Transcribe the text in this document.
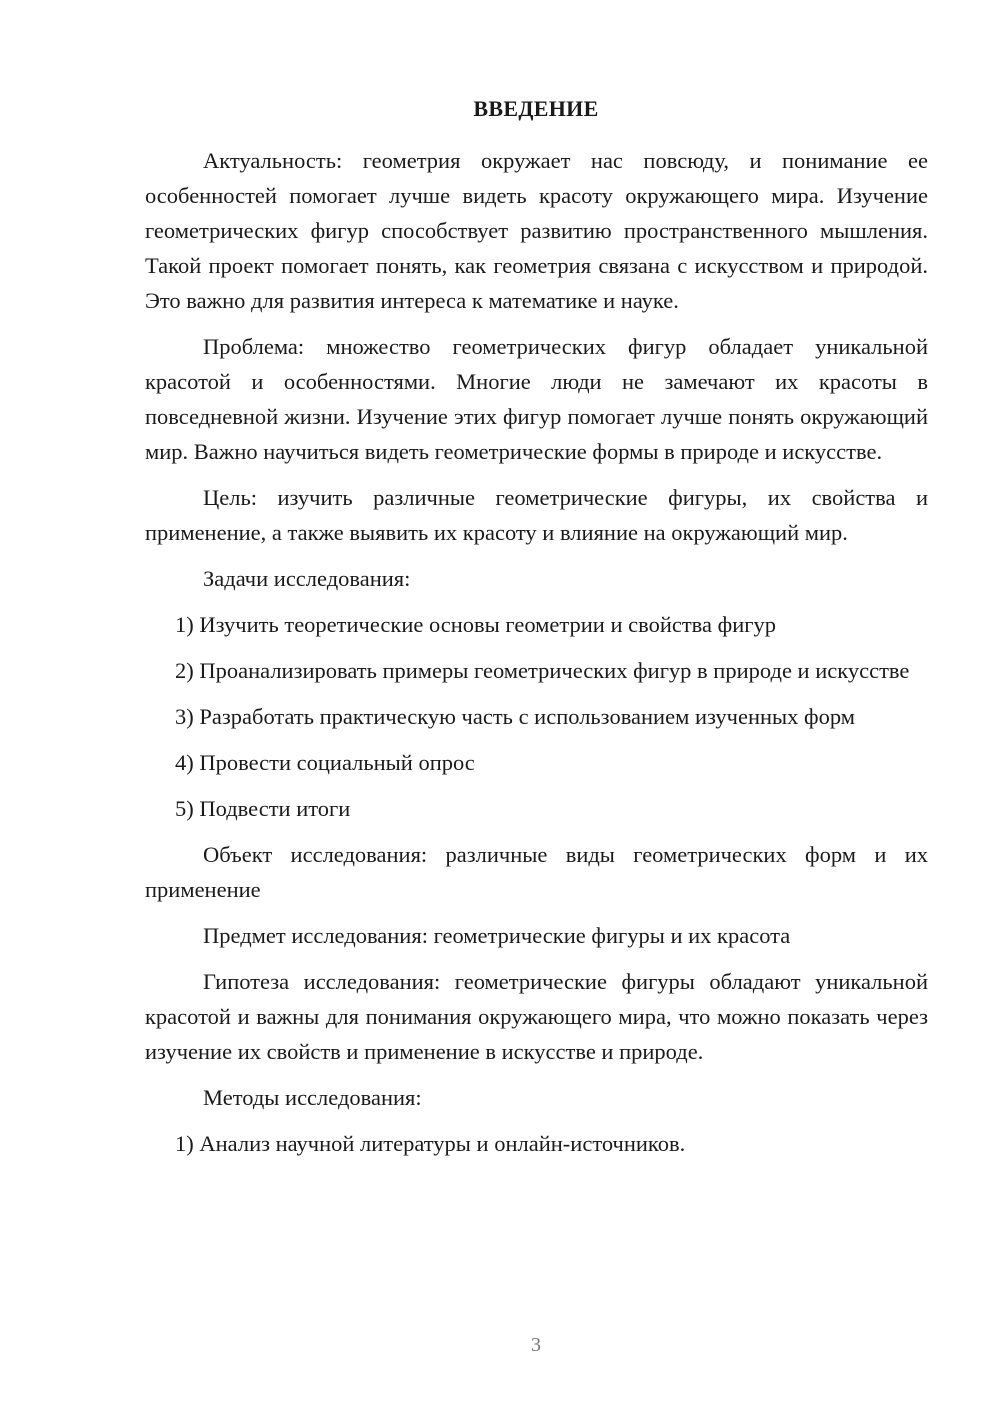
ВВЕДЕНИЕ

Актуальность: геометрия окружает нас повсюду, и понимание ее особенностей помогает лучше видеть красоту окружающего мира. Изучение геометрических фигур способствует развитию пространственного мышления. Такой проект помогает понять, как геометрия связана с искусством и природой. Это важно для развития интереса к математике и науке.

Проблема: множество геометрических фигур обладает уникальной красотой и особенностями. Многие люди не замечают их красоты в повседневной жизни. Изучение этих фигур помогает лучше понять окружающий мир. Важно научиться видеть геометрические формы в природе и искусстве.

Цель: изучить различные геометрические фигуры, их свойства и применение, а также выявить их красоту и влияние на окружающий мир.

Задачи исследования:

1) Изучить теоретические основы геометрии и свойства фигур

2) Проанализировать примеры геометрических фигур в природе и искусстве

3) Разработать практическую часть с использованием изученных форм

4) Провести социальный опрос

5) Подвести итоги

Объект исследования: различные виды геометрических форм и их применение

Предмет исследования: геометрические фигуры и их красота

Гипотеза исследования: геометрические фигуры обладают уникальной красотой и важны для понимания окружающего мира, что можно показать через изучение их свойств и применение в искусстве и природе.

Методы исследования:

1) Анализ научной литературы и онлайн-источников.

3
